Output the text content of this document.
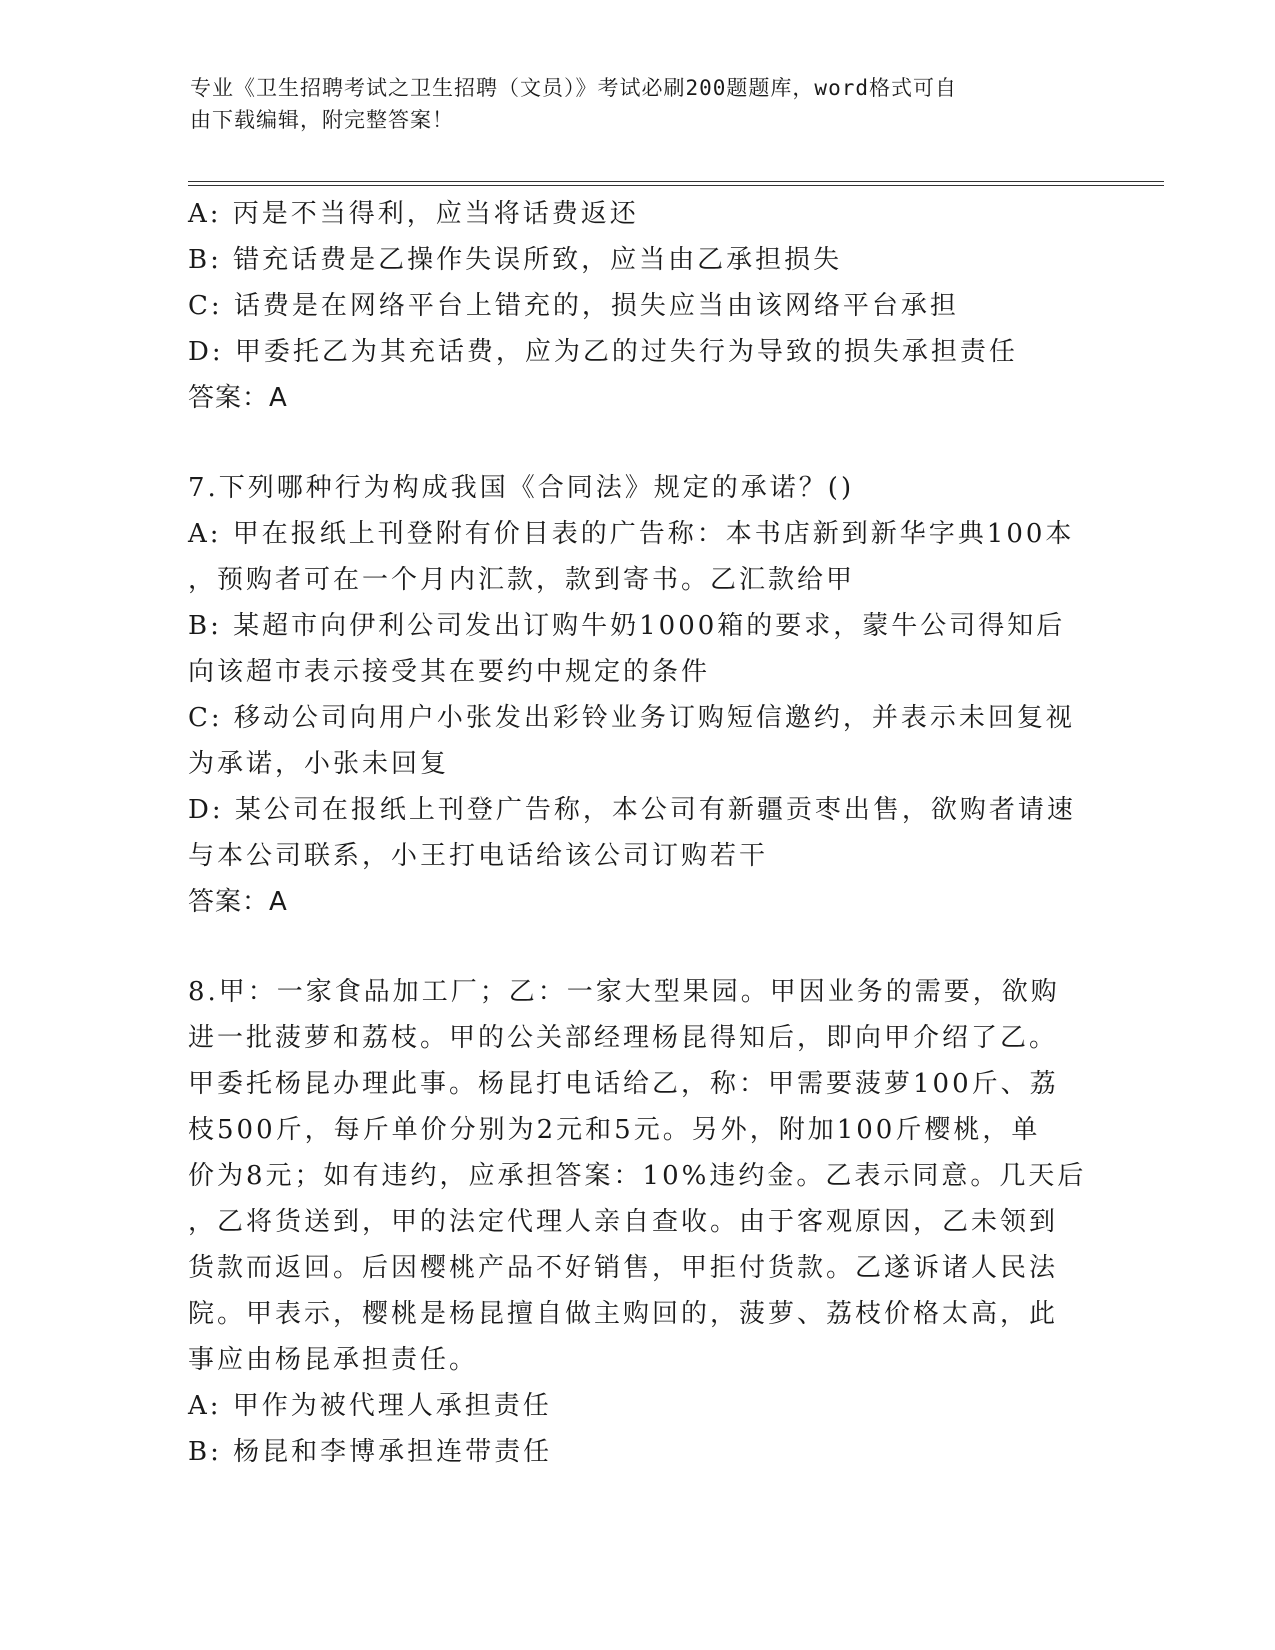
专业《卫生招聘考试之卫生招聘（文员）》考试必刷200题题库，word格式可自
由下载编辑，附完整答案！
A: 丙是不当得利，应当将话费返还
B: 错充话费是乙操作失误所致，应当由乙承担损失
C: 话费是在网络平台上错充的，损失应当由该网络平台承担
D: 甲委托乙为其充话费，应为乙的过失行为导致的损失承担责任
答案：A
7.下列哪种行为构成我国《合同法》规定的承诺？()
A: 甲在报纸上刊登附有价目表的广告称：本书店新到新华字典100本
，预购者可在一个月内汇款，款到寄书。乙汇款给甲
B: 某超市向伊利公司发出订购牛奶1000箱的要求，蒙牛公司得知后
向该超市表示接受其在要约中规定的条件
C: 移动公司向用户小张发出彩铃业务订购短信邀约，并表示未回复视
为承诺，小张未回复
D: 某公司在报纸上刊登广告称，本公司有新疆贡枣出售，欲购者请速
与本公司联系，小王打电话给该公司订购若干
答案：A
8.甲：一家食品加工厂；乙：一家大型果园。甲因业务的需要，欲购
进一批菠萝和荔枝。甲的公关部经理杨昆得知后，即向甲介绍了乙。
甲委托杨昆办理此事。杨昆打电话给乙，称：甲需要菠萝100斤、荔
枝500斤，每斤单价分别为2元和5元。另外，附加100斤樱桃，单
价为8元；如有违约，应承担答案：10%违约金。乙表示同意。几天后
，乙将货送到，甲的法定代理人亲自查收。由于客观原因，乙未领到
货款而返回。后因樱桃产品不好销售，甲拒付货款。乙遂诉诸人民法
院。甲表示，樱桃是杨昆擅自做主购回的，菠萝、荔枝价格太高，此
事应由杨昆承担责任。
A: 甲作为被代理人承担责任
B: 杨昆和李博承担连带责任
